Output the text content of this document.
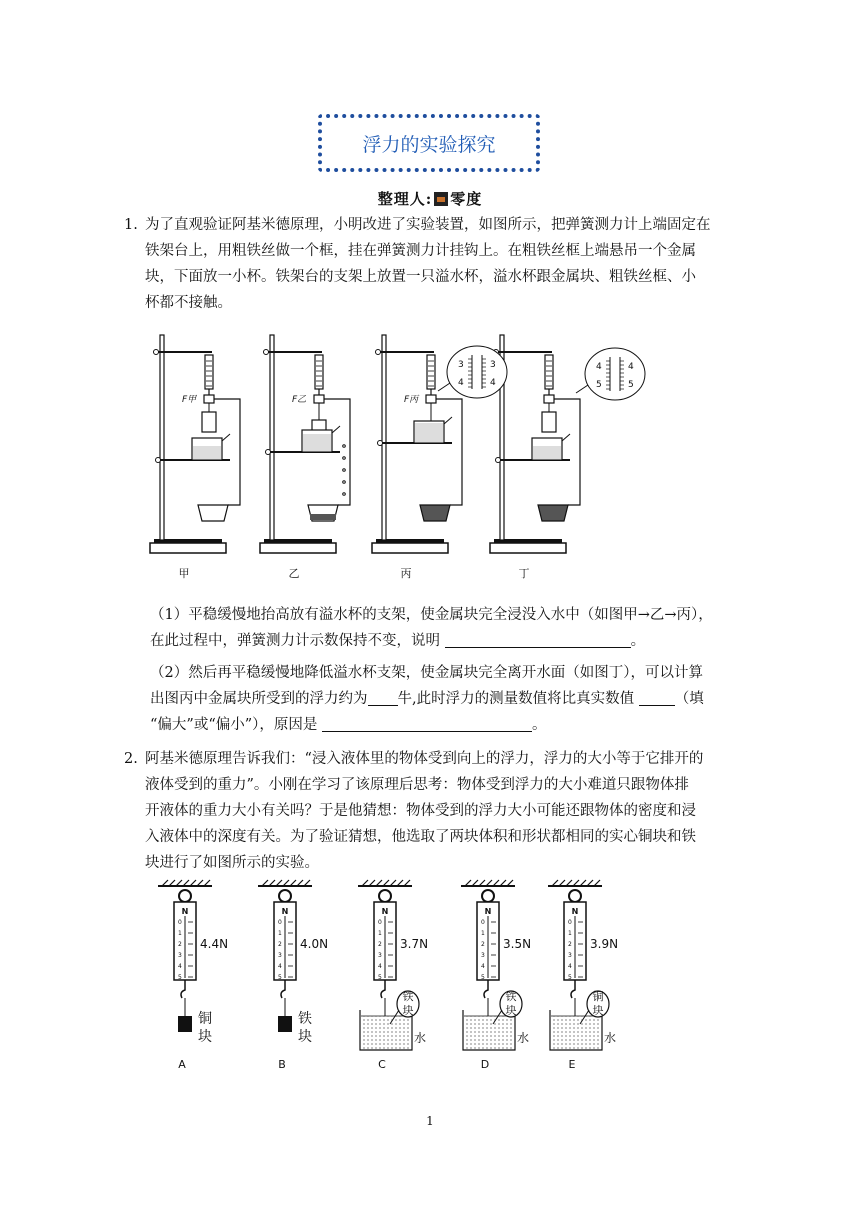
浮力的实验探究
整理人: 零度
1. 为了直观验证阿基米德原理，小明改进了实验装置，如图所示，把弹簧测力计上端固定在
铁架台上，用粗铁丝做一个框，挂在弹簧测力计挂钩上。在粗铁丝框上端悬吊一个金属
块，下面放一小杯。铁架台的支架上放置一只溢水杯，溢水杯跟金属块、粗铁丝框、小
杯都不接触。
F甲
甲
F乙
乙
F丙
丙	丁
3	3
4	4
4	4
5	5
（1）平稳缓慢地抬高放有溢水杯的支架，使金属块完全浸没入水中（如图甲→乙→丙），
在此过程中，弹簧测力计示数保持不变，说明	。
（2）然后再平稳缓慢地降低溢水杯支架，使金属块完全离开水面（如图丁），可以计算
出图丙中金属块所受到的浮力约为 牛,此时浮力的测量数值将比真实数值	（填
“偏大”或“偏小”），原因是	。
2. 阿基米德原理告诉我们：“浸入液体里的物体受到向上的浮力，浮力的大小等于它排开的
液体受到的重力”。小刚在学习了该原理后思考：物体受到浮力的大小难道只跟物体排
开液体的重力大小有关吗？于是他猜想：物体受到的浮力大小可能还跟物体的密度和浸
入液体中的深度有关。为了验证猜想，他选取了两块体积和形状都相同的实心铜块和铁
块进行了如图所示的实验。
N
0
1
2
3
4
5
4.4N
铜
块
A
N
0
1
2
3
4
5
4.0N
铁
块
B
N
0
1
2
3
4
5
3.7N
铁
块
水
C
N
0
1
2
3
4
5
3.5N
铁
块
水
D
N
0
1
2
3
4
5
3.9N
铜
块
水
E
1
